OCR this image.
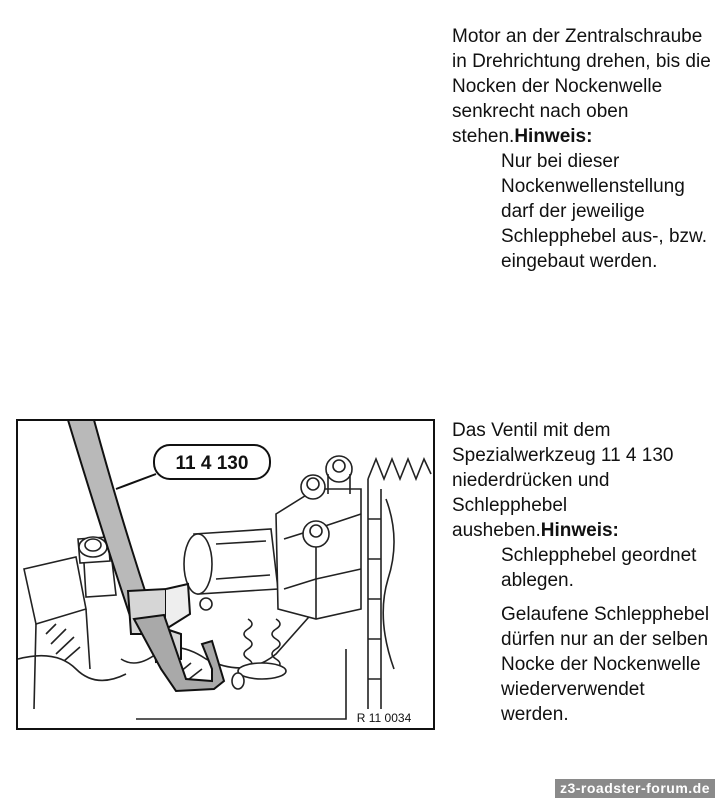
Motor an der Zentralschraube in Drehrichtung drehen, bis die Nocken der Nockenwelle senkrecht nach oben stehen.Hinweis:
Nur bei dieser Nockenwellenstellung darf der jeweilige Schlepphebel aus-, bzw. eingebaut werden.
11 4 130
R 11 0034
Das Ventil mit dem Spezialwerkzeug 11 4 130 niederdrücken und Schlepphebel ausheben.Hinweis:
Schlepphebel geordnet ablegen.
Gelaufene Schlepphebel dürfen nur an der selben Nocke der Nockenwelle wiederverwendet werden.
z3-roadster-forum.de
